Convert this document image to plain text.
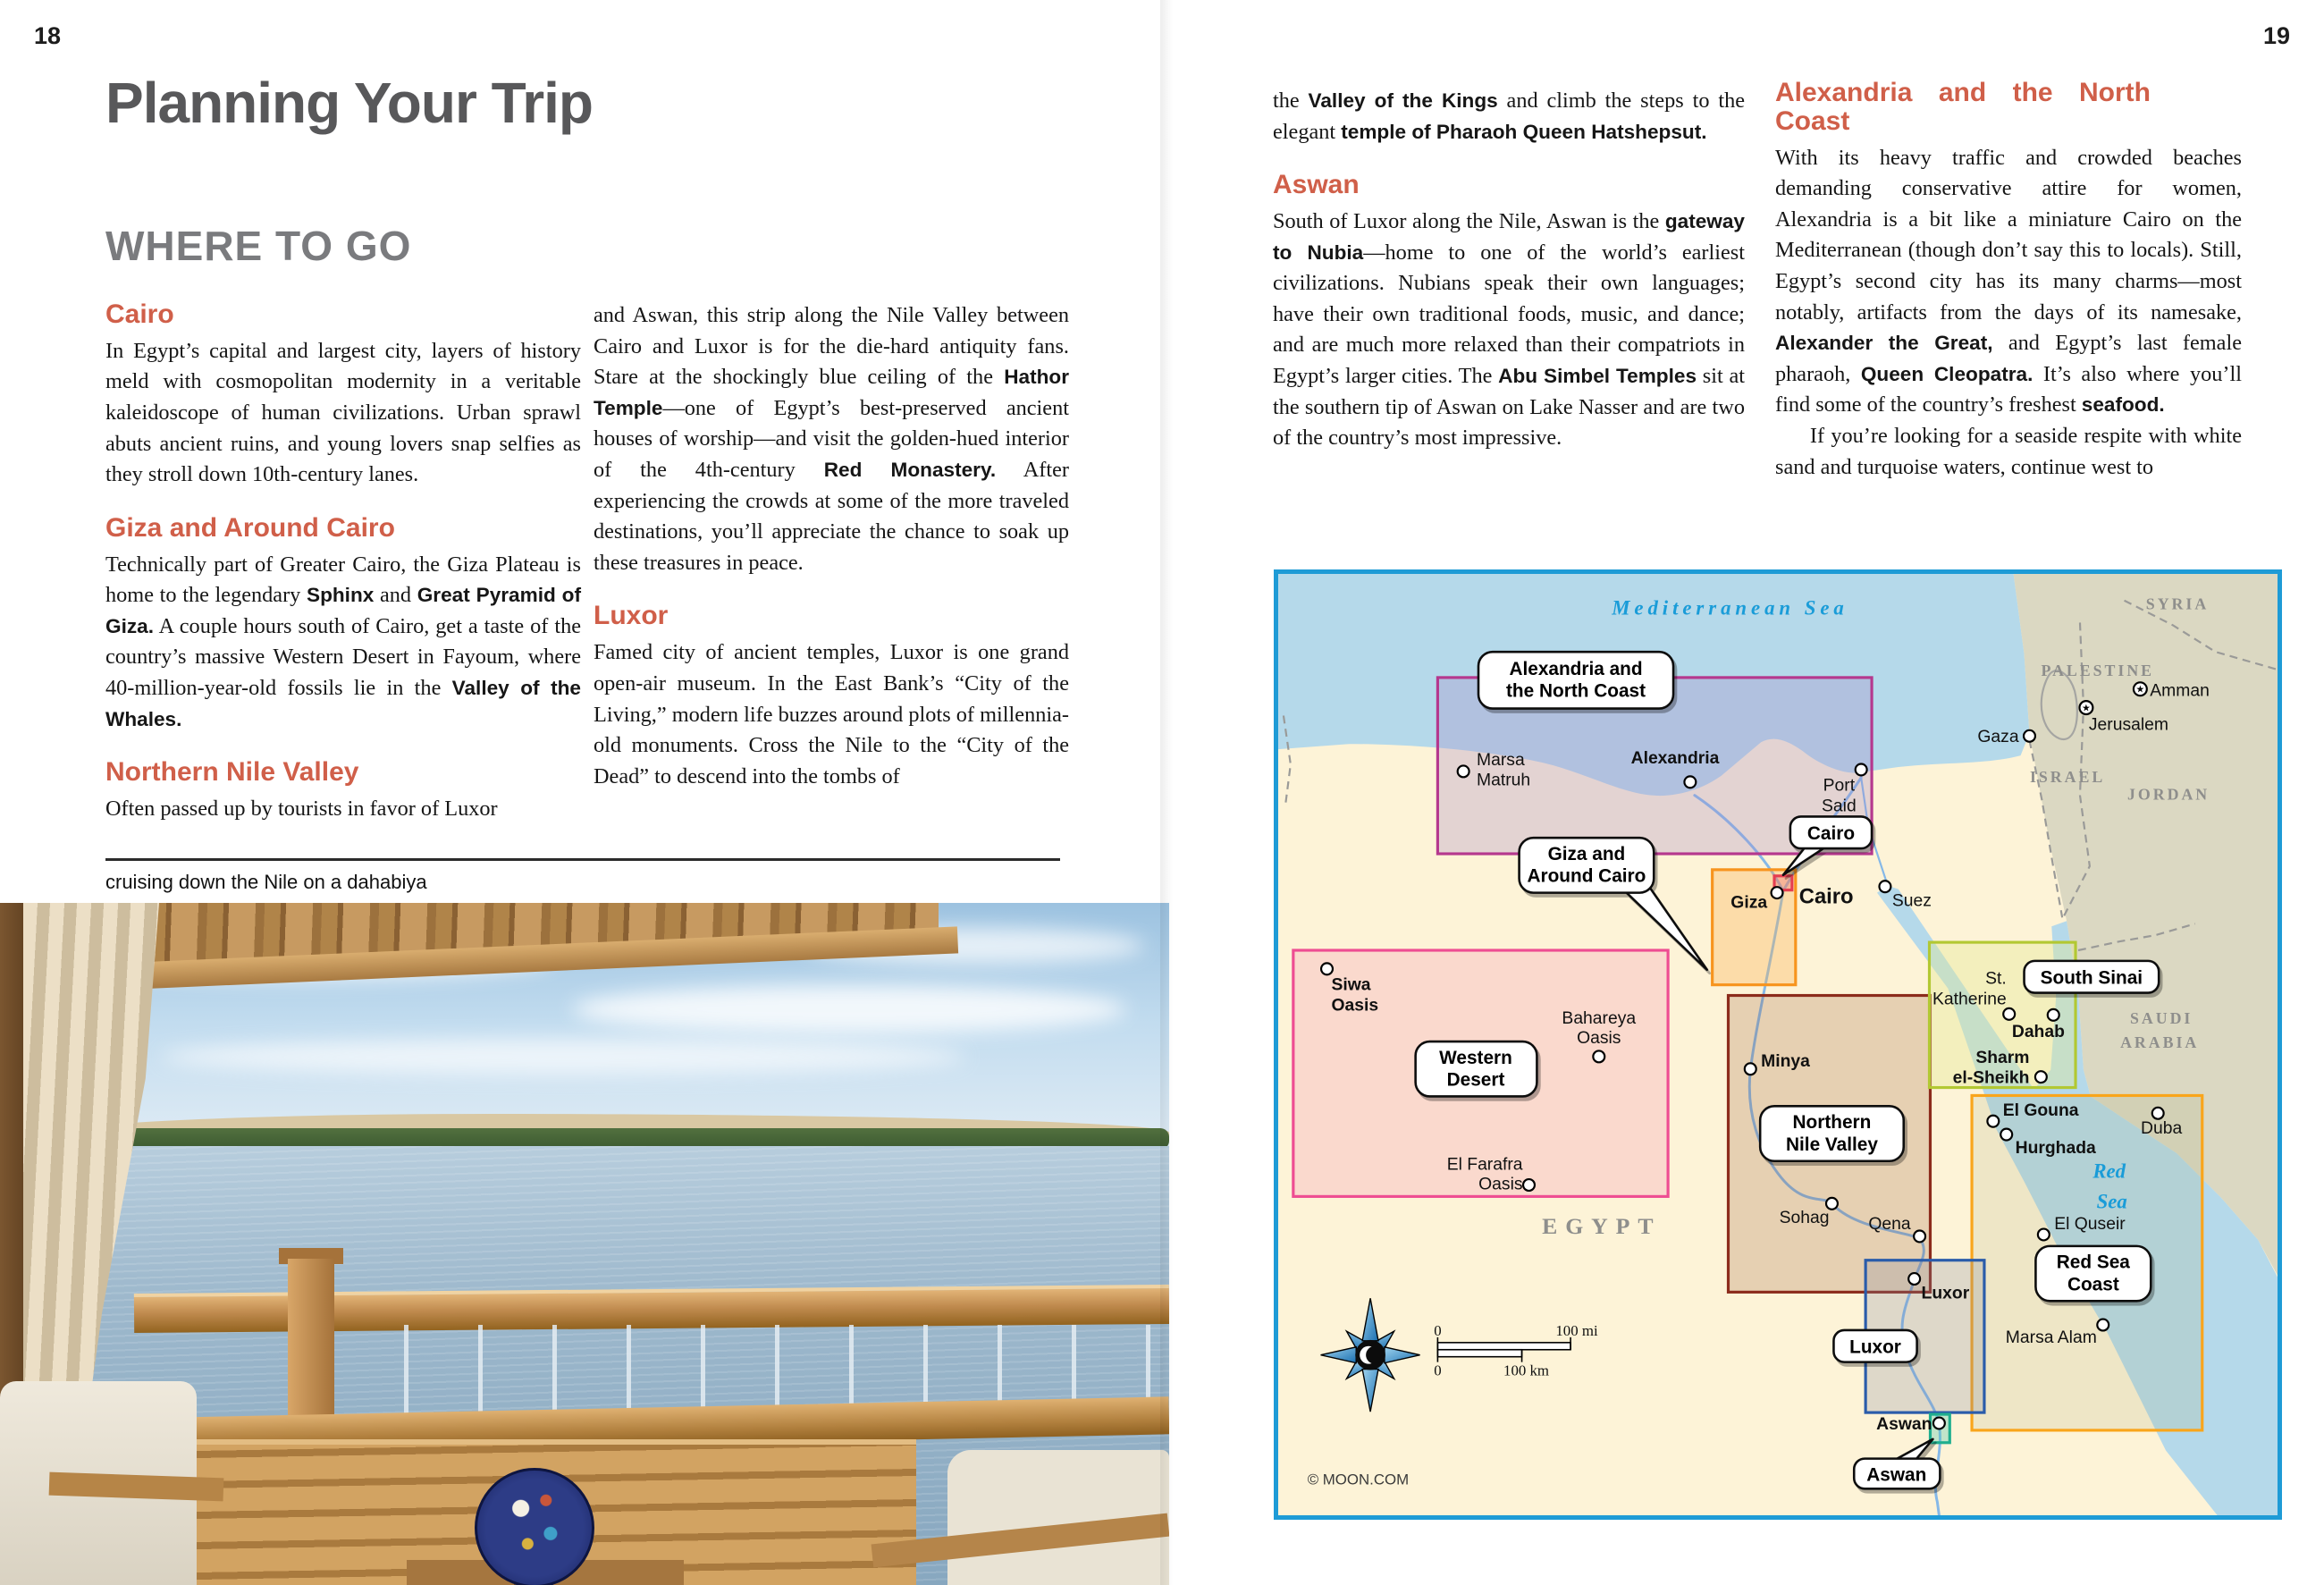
18	19
Planning Your Trip
WHERE TO GO
Cairo

In Egypt’s capital and largest city, layers of history meld with cosmopolitan modernity in a veritable kaleidoscope of human civilizations. Urban sprawl abuts ancient ruins, and young lovers snap selfies as they stroll down 10th-century lanes.

Giza and Around Cairo

Technically part of Greater Cairo, the Giza Plateau is home to the legendary Sphinx and Great Pyramid of Giza. A couple hours south of Cairo, get a taste of the country’s massive Western Desert in Fayoum, where 40-million-year-old fossils lie in the Valley of the Whales.

Northern Nile Valley

Often passed up by tourists in favor of Luxor

and Aswan, this strip along the Nile Valley between Cairo and Luxor is for the die-hard antiquity fans. Stare at the shockingly blue ceiling of the Hathor Temple—one of Egypt’s best-preserved ancient houses of worship—and visit the golden-hued interior of the 4th-century Red Monastery. After experiencing the crowds at some of the more traveled destinations, you’ll appreciate the chance to soak up these treasures in peace.

Luxor

Famed city of ancient temples, Luxor is one grand open-air museum. In the East Bank’s “City of the Living,” modern life buzzes around plots of millennia-old monuments. Cross the Nile to the “City of the Dead” to descend into the tombs of

cruising down the Nile on a dahabiya

the Valley of the Kings and climb the steps to the elegant temple of Pharaoh Queen Hatshepsut.

Aswan

South of Luxor along the Nile, Aswan is the gateway to Nubia—home to one of the world’s earliest civilizations. Nubians speak their own languages; have their own traditional foods, music, and dance; and are much more relaxed than their compatriots in Egypt’s larger cities. The Abu Simbel Temples sit at the southern tip of Aswan on Lake Nasser and are two of the country’s most impressive.

Alexandria and the North Coast

With its heavy traffic and crowded beaches demanding conservative attire for women, Alexandria is a bit like a miniature Cairo on the Mediterranean (though don’t say this to locals). Still, Egypt’s second city has its many charms—most notably, artifacts from the days of its namesake, Alexander the Great, and Egypt’s last female pharaoh, Queen Cleopatra. It’s also where you’ll find some of the country’s freshest seafood.

If you’re looking for a seaside respite with white sand and turquoise waters, continue west to

Mediterranean Sea
Red
Sea
SYRIA
PALESTINE
ISRAEL
JORDAN
SAUDI
ARABIA
EGYPT
Marsa
Matruh
Alexandria
Port
Said
Gaza
★
Jerusalem
★ Amman
Giza Cairo Suez
Siwa
Oasis
Bahareya
Oasis
El Farafra
Oasis
Minya
St.
Katherine
Dahab
Sharm
el-Sheikh
El Gouna
Hurghada
Duba
El Quseir
Marsa Alam
Sohag Qena
Luxor
Aswan
Alexandria and
the North Coast
Giza and
Around Cairo
Cairo
Western
Desert
Northern
Nile Valley
South Sinai
Red Sea
Coast
Luxor
Aswan
0	100 mi
0	100 km
© MOON.COM
